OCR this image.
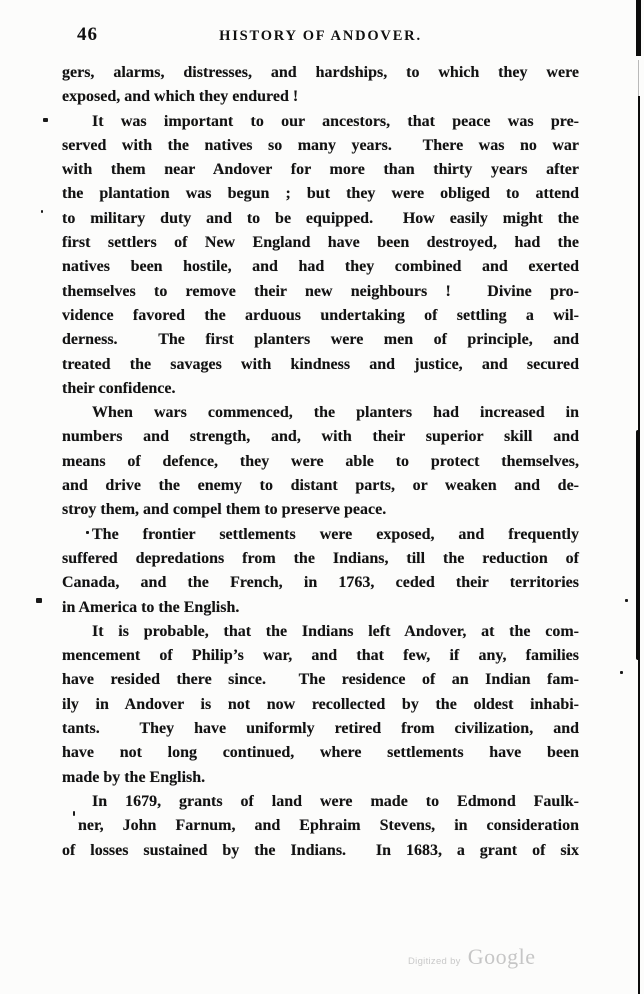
46	HISTORY OF ANDOVER.
gers, alarms, distresses, and hardships, to which they were
exposed, and which they endured !
It was important to our ancestors, that peace was pre-
served with the natives so many years.  There was no war
with them near Andover for more than thirty years after
the plantation was begun ; but they were obliged to attend
to military duty and to be equipped.  How easily might the
first settlers of New England have been destroyed, had the
natives been hostile, and had they combined and exerted
themselves to remove their new neighbours !  Divine pro-
vidence favored the arduous undertaking of settling a wil-
derness.  The first planters were men of principle, and
treated the savages with kindness and justice, and secured
their confidence.
When wars commenced, the planters had increased in
numbers and strength, and, with their superior skill and
means of defence, they were able to protect themselves,
and drive the enemy to distant parts, or weaken and de-
stroy them, and compel them to preserve peace.
The frontier settlements were exposed, and frequently
suffered depredations from the Indians, till the reduction of
Canada, and the French, in 1763, ceded their territories
in America to the English.
It is probable, that the Indians left Andover, at the com-
mencement of Philip’s war, and that few, if any, families
have resided there since.  The residence of an Indian fam-
ily in Andover is not now recollected by the oldest inhabi-
tants.  They have uniformly retired from civilization, and
have not long continued, where settlements have been
made by the English.
In 1679, grants of land were made to Edmond Faulk-
ner, John Farnum, and Ephraim Stevens, in consideration
of losses sustained by the Indians.  In 1683, a grant of six
Digitized by Google
